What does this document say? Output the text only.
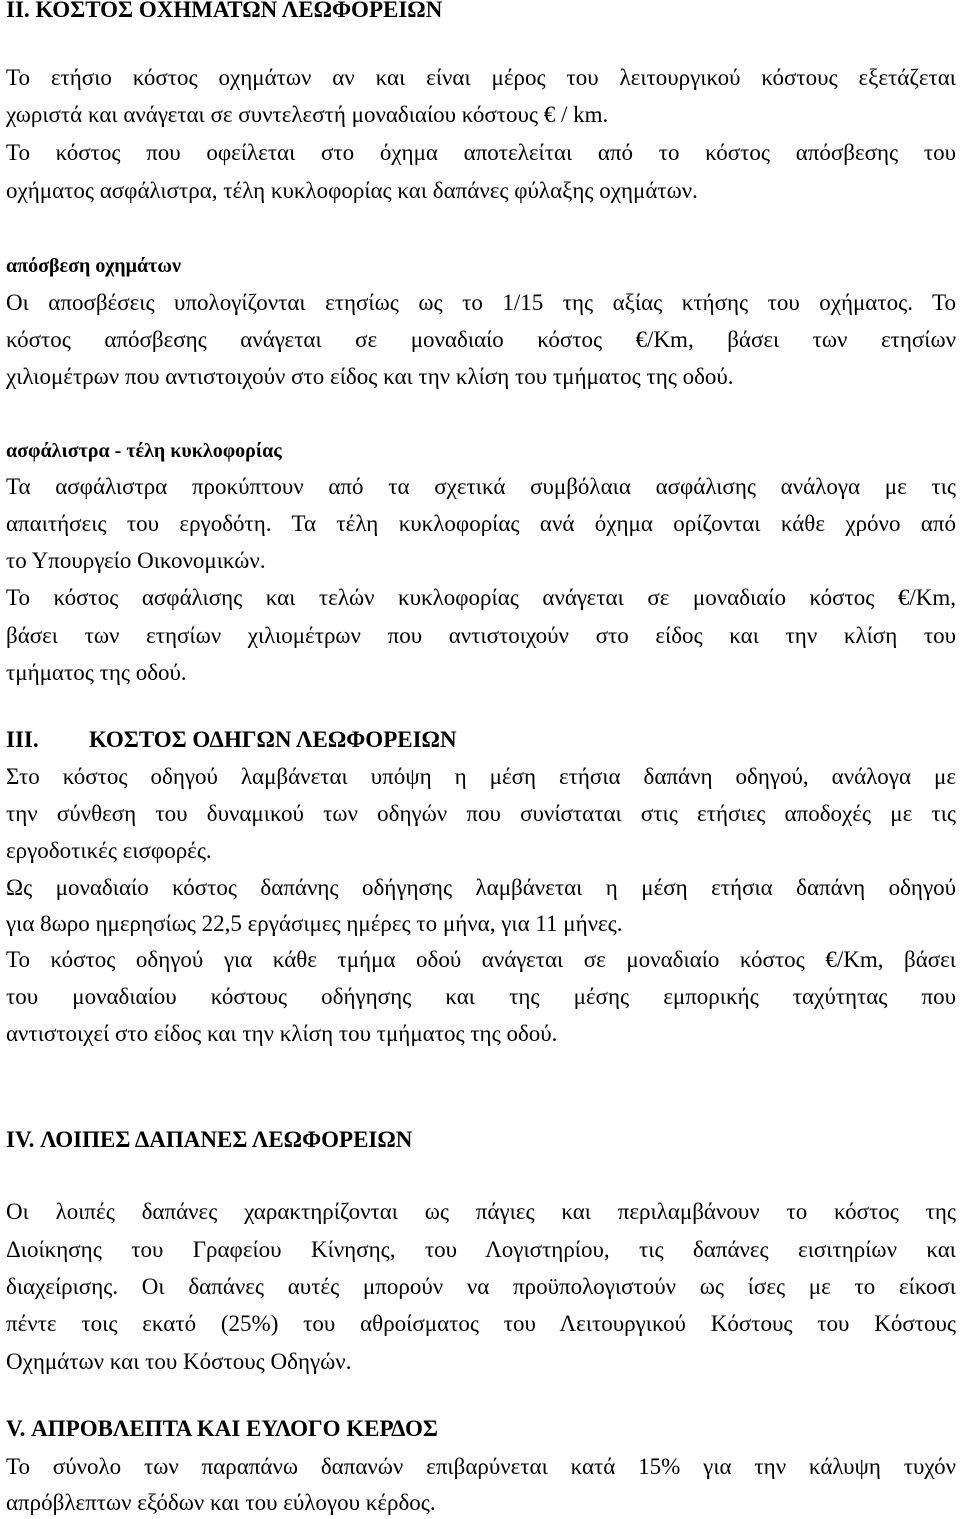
ΙΙ. ΚΟΣΤΟΣ ΟΧΗΜΑΤΩΝ ΛΕΩΦΟΡΕΙΩΝ
Το ετήσιο κόστος οχημάτων αν και είναι μέρος του λειτουργικού κόστους εξετάζεται
χωριστά και ανάγεται σε συντελεστή μοναδιαίου κόστους € / km.
Το κόστος που οφείλεται στο όχημα αποτελείται από το κόστος απόσβεσης του
οχήματος ασφάλιστρα, τέλη κυκλοφορίας και δαπάνες φύλαξης οχημάτων.
απόσβεση οχημάτων
Οι αποσβέσεις υπολογίζονται ετησίως ως το 1/15 της αξίας κτήσης του οχήματος. Το
κόστος απόσβεσης ανάγεται σε μοναδιαίο κόστος €/Km, βάσει των ετησίων
χιλιομέτρων που αντιστοιχούν στο είδος και την κλίση του τμήματος της οδού.
ασφάλιστρα - τέλη κυκλοφορίας
Τα ασφάλιστρα προκύπτουν από τα σχετικά συμβόλαια ασφάλισης ανάλογα με τις
απαιτήσεις του εργοδότη. Τα τέλη κυκλοφορίας ανά όχημα ορίζονται κάθε χρόνο από
το Υπουργείο Οικονομικών.
Το κόστος ασφάλισης και τελών κυκλοφορίας ανάγεται σε μοναδιαίο κόστος €/Km,
βάσει των ετησίων χιλιομέτρων που αντιστοιχούν στο είδος και την κλίση του
τμήματος της οδού.
ΙΙΙ. ΚΟΣΤΟΣ ΟΔΗΓΩΝ ΛΕΩΦΟΡΕΙΩΝ
Στο κόστος οδηγού λαμβάνεται υπόψη η μέση ετήσια δαπάνη οδηγού, ανάλογα με
την σύνθεση του δυναμικού των οδηγών που συνίσταται στις ετήσιες αποδοχές με τις
εργοδοτικές εισφορές.
Ως μοναδιαίο κόστος δαπάνης οδήγησης λαμβάνεται η μέση ετήσια δαπάνη οδηγού
για 8ωρο ημερησίως 22,5 εργάσιμες ημέρες το μήνα, για 11 μήνες.
Το κόστος οδηγού για κάθε τμήμα οδού ανάγεται σε μοναδιαίο κόστος €/Km, βάσει
του μοναδιαίου κόστους οδήγησης και της μέσης εμπορικής ταχύτητας που
αντιστοιχεί στο είδος και την κλίση του τμήματος της οδού.
IV. ΛΟΙΠΕΣ ΔΑΠΑΝΕΣ ΛΕΩΦΟΡΕΙΩΝ
Οι λοιπές δαπάνες χαρακτηρίζονται ως πάγιες και περιλαμβάνουν το κόστος της
Διοίκησης του Γραφείου Κίνησης, του Λογιστηρίου, τις δαπάνες εισιτηρίων και
διαχείρισης. Οι δαπάνες αυτές μπορούν να προϋπολογιστούν ως ίσες με το είκοσι
πέντε τοις εκατό (25%) του αθροίσματος του Λειτουργικού Κόστους του Κόστους
Οχημάτων και του Κόστους Οδηγών.
V. ΑΠΡΟΒΛΕΠΤΑ ΚΑΙ ΕΥΛΟΓΟ ΚΕΡΔΟΣ
Το σύνολο των παραπάνω δαπανών επιβαρύνεται κατά 15% για την κάλυψη τυχόν
απρόβλεπτων εξόδων και του εύλογου κέρδος.
